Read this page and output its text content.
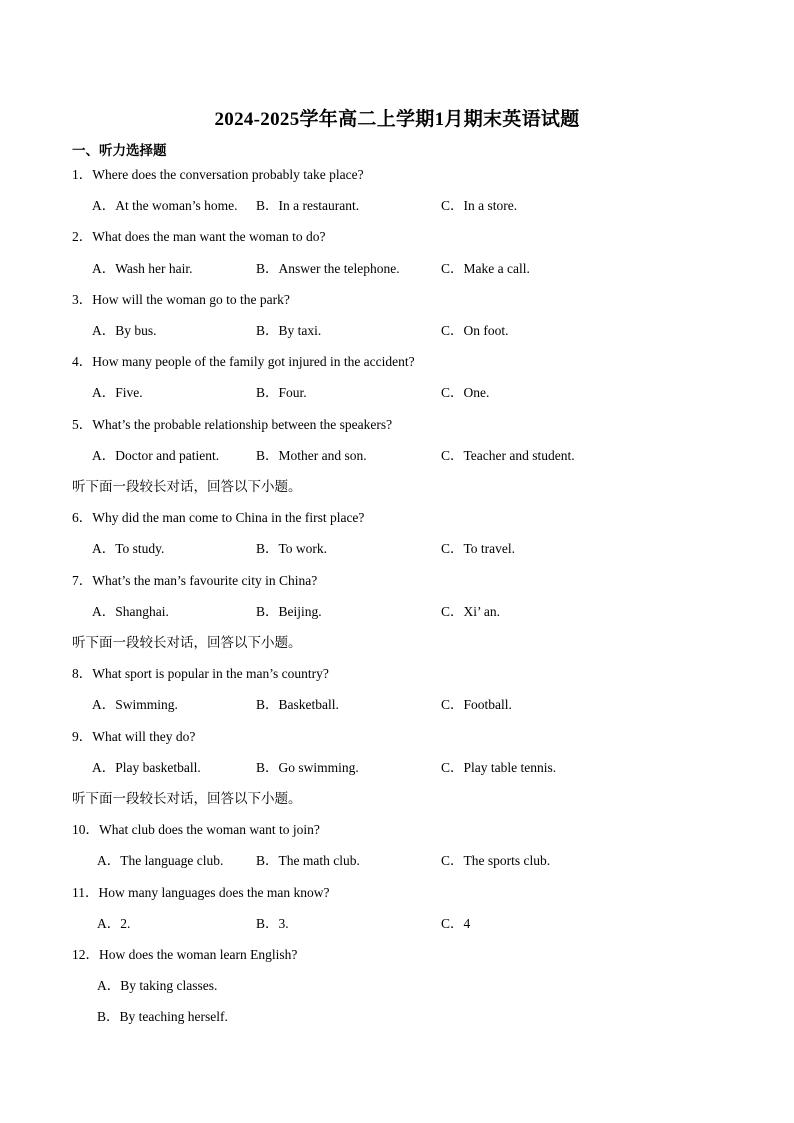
2024-2025学年高二上学期1月期末英语试题
一、听力选择题
1．Where does the conversation probably take place?
A．At the woman’s home. B．In a restaurant.	C．In a store.
2．What does the man want the woman to do?
A．Wash her hair.	B．Answer the telephone.	C．Make a call.
3．How will the woman go to the park?
A．By bus.	B．By taxi.	C．On foot.
4．How many people of the family got injured in the accident?
A．Five.	B．Four.	C．One.
5．What’s the probable relationship between the speakers?
A．Doctor and patient.	B．Mother and son.	C．Teacher and student.
听下面一段较长对话，回答以下小题。
6．Why did the man come to China in the first place?
A．To study.	B．To work.	C．To travel.
7．What’s the man’s favourite city in China?
A．Shanghai.	B．Beijing.	C．Xi’ an.
听下面一段较长对话，回答以下小题。
8．What sport is popular in the man’s country?
A．Swimming.	B．Basketball.	C．Football.
9．What will they do?
A．Play basketball.	B．Go swimming.	C．Play table tennis.
听下面一段较长对话，回答以下小题。
10．What club does the woman want to join?
A．The language club. B．The math club.	C．The sports club.
11．How many languages does the man know?
A．2.	B．3.	C．4
12．How does the woman learn English?
A．By taking classes.
B．By teaching herself.
